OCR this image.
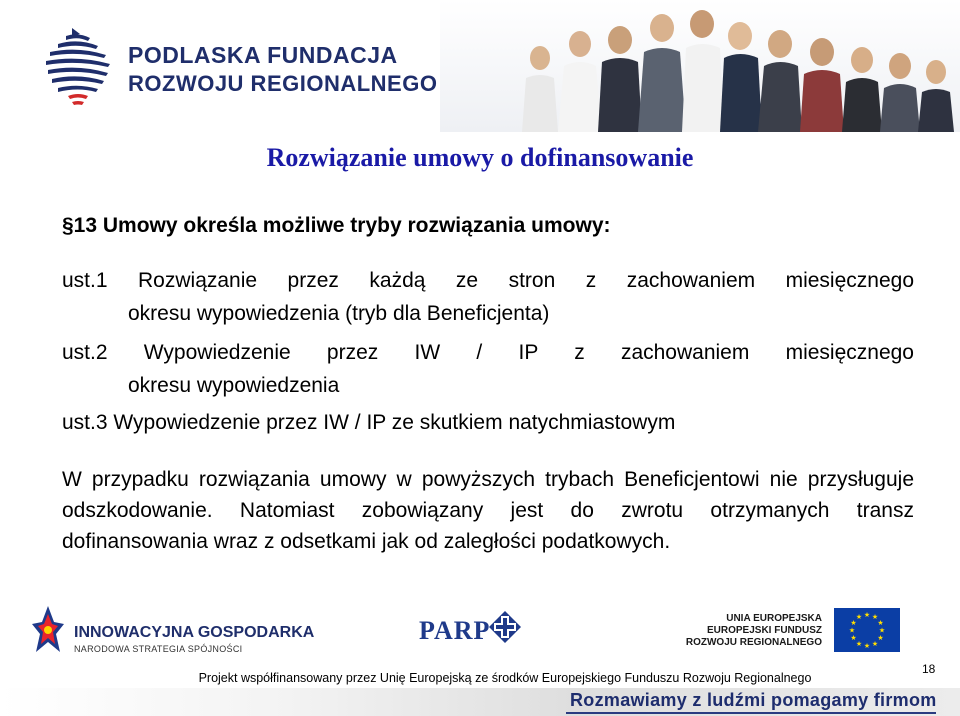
PODLASKA FUNDACJA
ROZWOJU REGIONALNEGO
Rozwiązanie umowy o dofinansowanie
§13 Umowy określa możliwe tryby rozwiązania umowy:
ust.1 Rozwiązanie przez każdą ze stron z zachowaniem miesięcznego
okresu wypowiedzenia (tryb dla Beneficjenta)
ust.2 Wypowiedzenie przez IW / IP z zachowaniem miesięcznego
okresu wypowiedzenia
ust.3 Wypowiedzenie przez IW / IP ze skutkiem natychmiastowym
W przypadku rozwiązania umowy w powyższych trybach Beneficjentowi nie przysługuje odszkodowanie. Natomiast zobowiązany jest do zwrotu otrzymanych transz dofinansowania wraz z odsetkami jak od zaległości podatkowych.
INNOWACYJNA GOSPODARKA
NARODOWA STRATEGIA SPÓJNOŚCI
PARP	UNIA EUROPEJSKA
EUROPEJSKI FUNDUSZ
ROZWOJU REGIONALNEGO
★ ★
★
★
★
★
★
★
★
★
★
★
Projekt współfinansowany przez Unię Europejską ze środków Europejskiego Funduszu Rozwoju Regionalnego
18
Rozmawiamy z ludźmi pomagamy firmom
